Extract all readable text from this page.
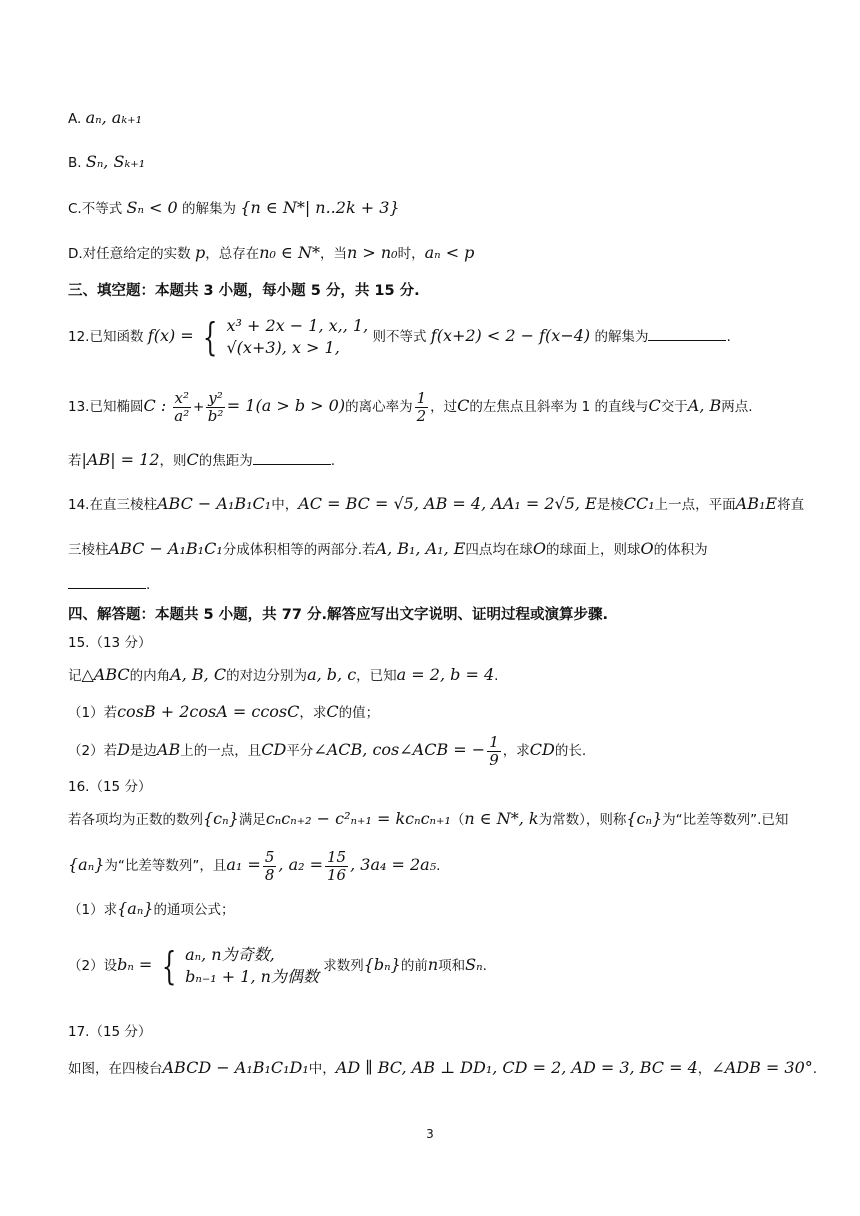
A. aₙ, aₖ₊₁
B. Sₙ, Sₖ₊₁
C.不等式 Sₙ < 0 的解集为 {n ∈ N*| n..2k + 3}
D.对任意给定的实数 p，总存在n₀ ∈ N*，当n > n₀时，aₙ < p
三、填空题：本题共 3 小题，每小题 5 分，共 15 分.
12.已知函数 f(x) = { x³ + 2x − 1, x,, 1,
√(x+3), x > 1,
则不等式 f(x+2) < 2 − f(x−4) 的解集为	.
13.已知椭圆C : $\frac{\text{x²}}{\text{a²}} + \frac{\text{y²}}{\text{b²}} = 1(a > b > 0)$的离心率为 $\frac{1}{2}$ ，过C的左焦点且斜率为 1 的直线与C交于A, B两点.
若|AB| = 12，则C的焦距为	.
14.在直三棱柱ABC − A₁B₁C₁中，AC = BC = √5, AB = 4, AA₁ = 2√5, E是棱CC₁上一点，平面AB₁E将直
三棱柱ABC − A₁B₁C₁分成体积相等的两部分.若A, B₁, A₁, E四点均在球O的球面上，则球O的体积为
.
四、解答题：本题共 5 小题，共 77 分.解答应写出文字说明、证明过程或演算步骤.
15.（13 分）
记△ABC的内角A, B, C的对边分别为a, b, c，已知a = 2, b = 4.
（1）若cosB + 2cosA = ccosC，求C的值；
（2）若D是边AB上的一点，且CD平分∠ACB, cos∠ACB = − $\frac{1}{9}$ ，求CD的长.
16.（15 分）
若各项均为正数的数列{cₙ}满足cₙcₙ₊₂ − c²ₙ₊₁ = kcₙcₙ₊₁（n ∈ N*, k为常数），则称{cₙ}为“比差等数列”.已知
{aₙ}为“比差等数列”，且$a_1 = \frac{5}{8}$ , $a_2 = \frac{15}{16}$ , 3a₄ = 2a₅.
（1）求{aₙ}的通项公式；
（2）设bₙ = { aₙ, n为奇数,
bₙ₋₁ + 1, n为偶数
求数列{bₙ}的前n项和Sₙ.
17.（15 分）
如图，在四棱台ABCD − A₁B₁C₁D₁中，AD ∥ BC, AB ⊥ DD₁, CD = 2, AD = 3, BC = 4，∠ADB = 30°.
3
